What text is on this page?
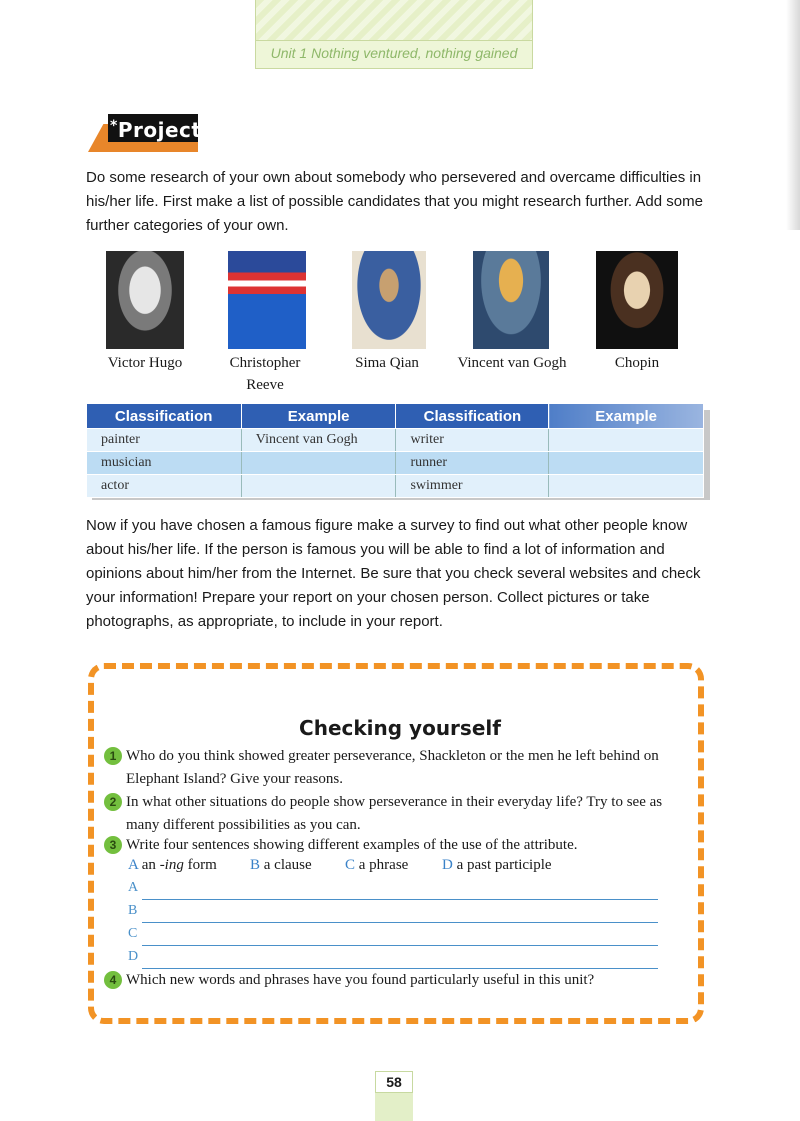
Unit 1 Nothing ventured, nothing gained
*Project
Do some research of your own about somebody who persevered and overcame difficulties in his/her life. First make a list of possible candidates that you might research further. Add some further categories of your own.
Victor Hugo	Christopher Reeve
Sima Qian	Vincent van Gogh	Chopin
Classification	Example	Classification	Example
painter	Vincent van Gogh	writer	
musician		runner	
actor		swimmer	
Now if you have chosen a famous figure make a survey to find out what other people know about his/her life. If the person is famous you will be able to find a lot of information and opinions about him/her from the Internet. Be sure that you check several websites and check your information! Prepare your report on your chosen person. Collect pictures or take photographs, as appropriate, to include in your report.
Checking yourself
1 Who do you think showed greater perseverance, Shackleton or the men he left behind on Elephant Island? Give your reasons.
2 In what other situations do people show perseverance in their everyday life? Try to see as many different possibilities as you can.
3 Write four sentences showing different examples of the use of the attribute.
A an -ing form B a clause C a phrase D a past participle
A
B
C
D
4 Which new words and phrases have you found particularly useful in this unit?
58
